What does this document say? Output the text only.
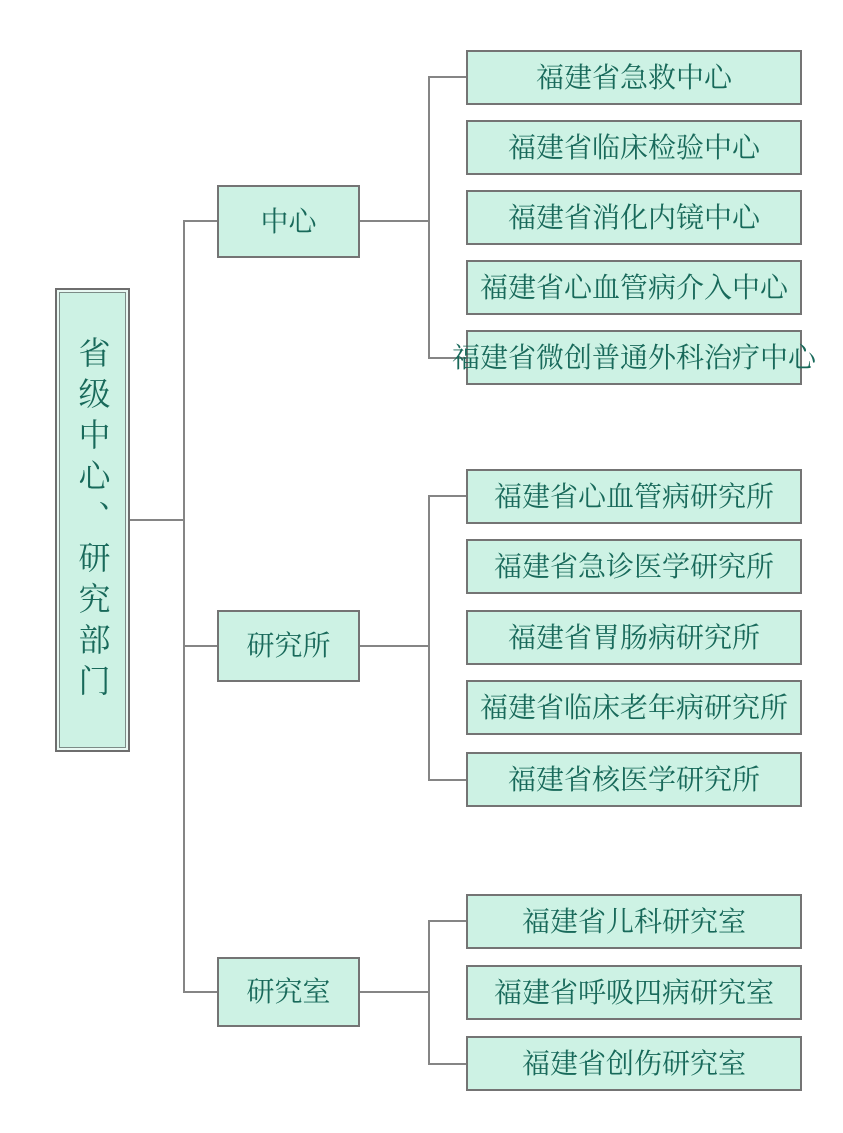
省级中心、研究部门
中心
研究所
研究室
福建省急救中心
福建省临床检验中心
福建省消化内镜中心
福建省心血管病介入中心
福建省微创普通外科治疗中心
福建省心血管病研究所
福建省急诊医学研究所
福建省胃肠病研究所
福建省临床老年病研究所
福建省核医学研究所
福建省儿科研究室
福建省呼吸四病研究室
福建省创伤研究室
